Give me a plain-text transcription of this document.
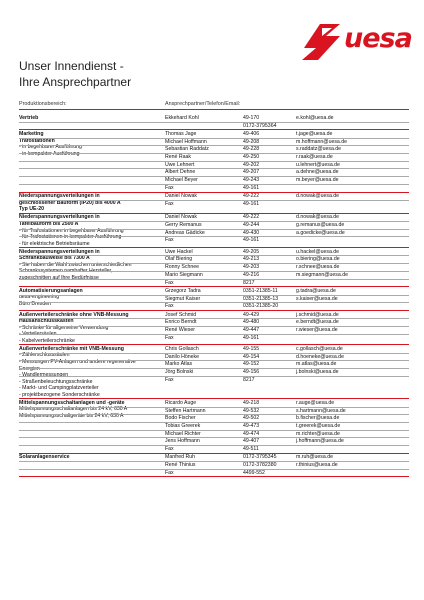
uesa
Unser Innendienst -
Ihre Ansprechpartner
Produktionsbereich:	Ansprechpartner/Telefon/Email:
Vertrieb	Ekkehard Kohl	49-170	e.kohl@uesa.de
0172-3795364
Marketing
Trafostationen
- in begehbarer Ausführung
- in kompakter Ausführung
Thomas Jage	49-406	t.jage@uesa.de
Michael Hoffmann	49-208	m.hoffmann@uesa.de
Sebastian Raddatz	49-228	s.raddatz@uesa.de
René Raak	49-250	r.raak@uesa.de
Uwe Lehnert	49-202	u.lehnert@uesa.de
Albert Dehne	49-207	a.dehne@uesa.de
Michael Beyer	49-243	m.beyer@uesa.de
Fax	49-161
Niederspannungsverteilungen in
geschlossener Bauform (IP20) bis 4000 A
Typ UE-20
Daniel Nowak	49-222	d.nowak@uesa.de
Fax	49-161
Niederspannungsverteilungen in
Tafelbauform bis 2500 A
- für Trafostationen in begehbarer Ausführung
- für Trafostationen in kompakter Ausführung
- für elektrische Betriebsräume
Daniel Nowak	49-222	d.nowak@uesa.de
Gerry Remanus	49-244	g.remanus@uesa.de
Andreas Gädicke	49-430	a.goedicke@uesa.de
Fax	49-161
Niederspannungsverteilungen in
Schrankbauweise bis 7300 A
- Sie haben die Wahl zwischen unterschiedlichen
Schrankssystemen namhafter Hersteller,
zugeschnitten auf Ihre Bedürfnisse
Uwe Hackel	49-205	u.hackel@uesa.de
Olaf Biering	49-213	o.biering@uesa.de
Ronny Schnee	49-203	r.schnee@uesa.de
Mario Siegmann	49-216	m.siegmann@uesa.de
Fax	8217
Automatisierungsanlagen
uesa-engineering
Büro Dresden
Grzegorz Tadra	0351-21385-11	g.tadra@uesa.de
Siegmut Kaiser	0351-21385-13	s.kaiser@uesa.de
Fax	0351-21385-20
Außenverteilerschränke ohne VNB-Messung
Hausanschlusskästen
- Schränke für allgemeine Verwendung
- Verteilersäulen
- Kabelverteilerschränke
Josef Schmid	49-429	j.schmid@uesa.de
Enrico Berndt	49-480	e.berndt@uesa.de
René Wieser	49-447	r.wieser@uesa.de
Fax	49-161
Außenverteilerschränke mit VNB-Messung
- Zählerschlusssäulen
- Messungen PV-Anlagen und andere regenerative
Energien
- Wandlermessungen
- Straßenbeleuchtungsschränke
- Markt- und Campingplatzverteiler
- projektbezogene Sonderschränke
Chris Gollasch	49-155	c.gollasch@uesa.de
Danilo Höneke	49-154	d.hoeneke@uesa.de
Marko Atlas	49-152	m.atlas@uesa.de
Jörg Bolnski	49-156	j.bolnski@uesa.de
Fax	8217
Mittelspannungsschaltanlagen und -geräte
Mittelspannungsschaltanlagen bis 24 kV, 630 A
Mittelspannungsschaltgeräte bis 24 kV, 630 A
Ricardo Auge	49-218	r.auge@uesa.de
Steffen Hartmann	49-532	s.hartmann@uesa.de
Bodo Fischer	49-502	b.fischer@uesa.de
Tobias Greerek	49-473	t.greerek@uesa.de
Michael Richter	49-474	m.richter@uesa.de
Jens Hoffmann	49-407	j.hoffmann@uesa.de
Fax	49-511
Solaranlagenservice	Manfred Ruh	0172-3795345	m.ruh@uesa.de
René Thinius	0172-3782380	r.thinius@uesa.de
Fax	4499-552
